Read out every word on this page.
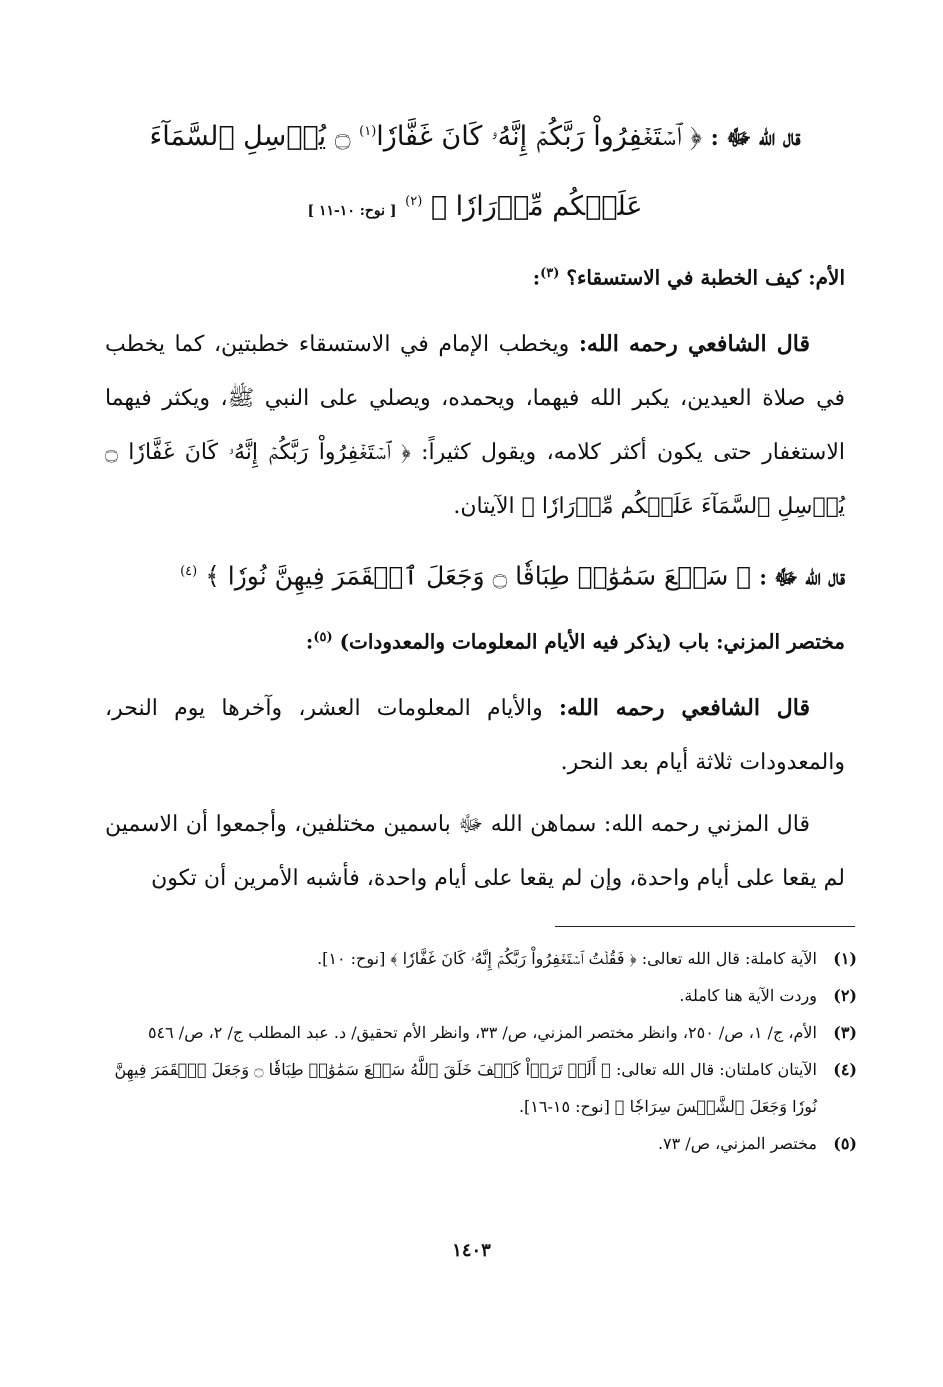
قال الله ﷻ : ﴿ ٱسۡتَغۡفِرُواْ رَبَّكُمۡ إِنَّهُۥ كَانَ غَفَّارٗا$^{(١)}$ ۝ يُرۡسِلِ ٱلسَّمَآءَ عَلَيۡكُم مِّدۡرَارٗا ﴾ $^{(٢)}$ [ نوح: ١٠-١١ ]
الأم: كيف الخطبة في الاستسقاء؟ $^{(٣)}$:

قال الشافعي رحمه الله: ويخطب الإمام في الاستسقاء خطبتين، كما يخطب في صلاة العيدين، يكبر الله فيهما، ويحمده، ويصلي على النبي ﷺ، ويكثر فيهما الاستغفار حتى يكون أكثر كلامه، ويقول كثيراً: ﴿ ٱسۡتَغۡفِرُواْ رَبَّكُمۡ إِنَّهُۥ كَانَ غَفَّارٗا ۝ يُرۡسِلِ ٱلسَّمَآءَ عَلَيۡكُم مِّدۡرَارٗا ﴾ الآيتان.

قال الله ﷻ : ﴿ سَبۡعَ سَمَٰوَٰتٖ طِبَاقٗا ۝ وَجَعَلَ ٱلۡقَمَرَ فِيهِنَّ نُورٗا ﴾ $^{(٤)}$
مختصر المزني: باب (يذكر فيه الأيام المعلومات والمعدودات) $^{(٥)}$:

قال الشافعي رحمه الله: والأيام المعلومات العشر، وآخرها يوم النحر، والمعدودات ثلاثة أيام بعد النحر.

قال المزني رحمه الله: سماهن الله ﷻ باسمين مختلفين، وأجمعوا أن الاسمين لم يقعا على أيام واحدة، وإن لم يقعا على أيام واحدة، فأشبه الأمرين أن تكون

(١)
الآية كاملة: قال الله تعالى: ﴿ فَقُلۡتُ ٱسۡتَغۡفِرُواْ رَبَّكُمۡ إِنَّهُۥ كَانَ غَفَّارٗا ﴾ [نوح: ١٠].
(٢)
وردت الآية هنا كاملة.
(٣)
الأم، ج/ ١، ص/ ٢٥٠، وانظر مختصر المزني، ص/ ٣٣، وانظر الأم تحقيق/ د. عبد المطلب ج/ ٢، ص/ ٥٤٦
(٤)
الآيتان كاملتان: قال الله تعالى: ﴿ أَلَمۡ تَرَوۡاْ كَيۡفَ خَلَقَ ٱللَّهُ سَبۡعَ سَمَٰوَٰتٖ طِبَاقٗا ۝ وَجَعَلَ ٱلۡقَمَرَ فِيهِنَّ نُورٗا وَجَعَلَ ٱلشَّمۡسَ سِرَاجٗا ﴾ [نوح: ١٥-١٦].
(٥)
مختصر المزني، ص/ ٧٣.
١٤٠٣
